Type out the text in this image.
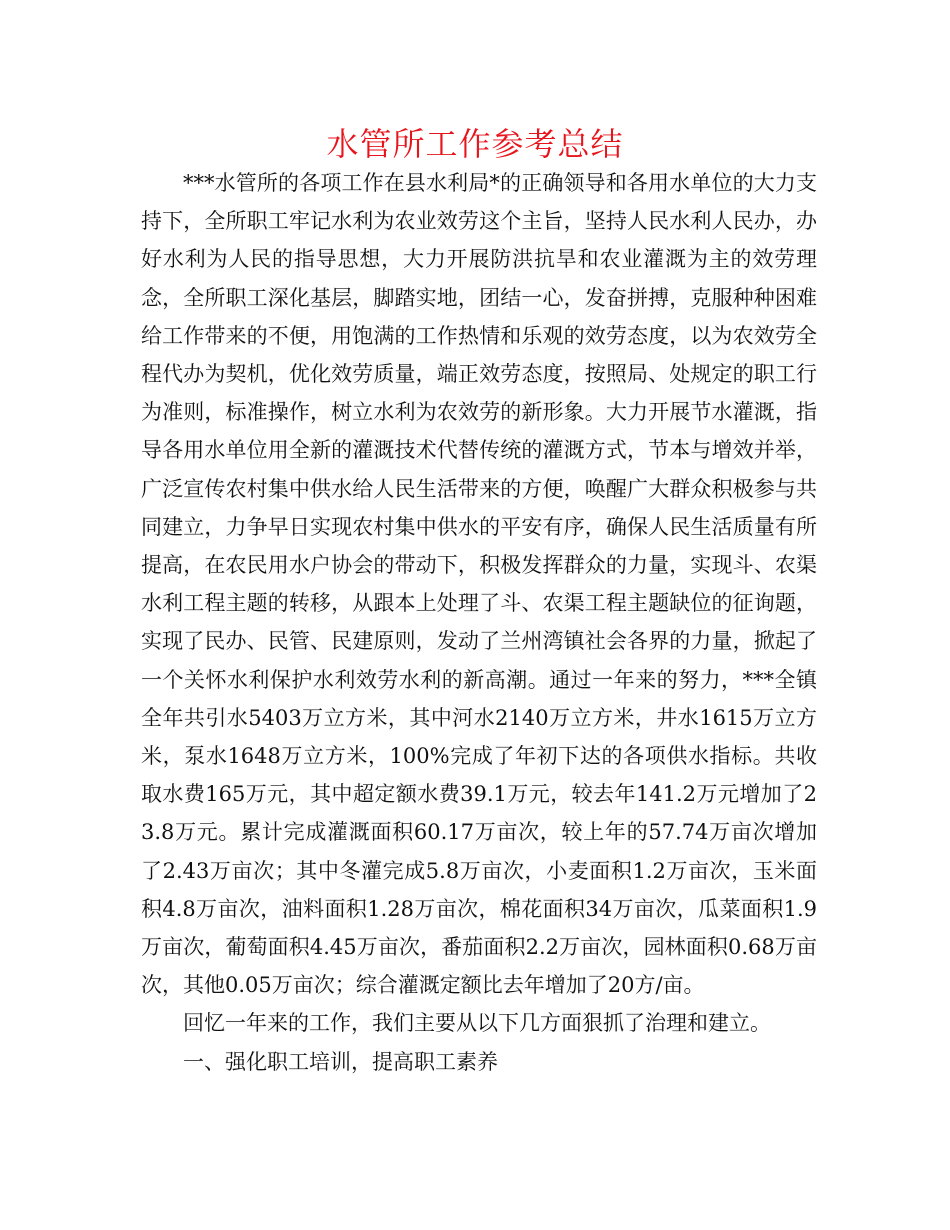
水管所工作参考总结

***水管所的各项工作在县水利局*的正确领导和各用水单位的大力支持下，全所职工牢记水利为农业效劳这个主旨，坚持人民水利人民办，办好水利为人民的指导思想，大力开展防洪抗旱和农业灌溉为主的效劳理念，全所职工深化基层，脚踏实地，团结一心，发奋拼搏，克服种种困难给工作带来的不便，用饱满的工作热情和乐观的效劳态度，以为农效劳全程代办为契机，优化效劳质量，端正效劳态度，按照局、处规定的职工行为准则，标准操作，树立水利为农效劳的新形象。大力开展节水灌溉，指导各用水单位用全新的灌溉技术代替传统的灌溉方式，节本与增效并举，广泛宣传农村集中供水给人民生活带来的方便，唤醒广大群众积极参与共同建立，力争早日实现农村集中供水的平安有序，确保人民生活质量有所提高，在农民用水户协会的带动下，积极发挥群众的力量，实现斗、农渠水利工程主题的转移，从跟本上处理了斗、农渠工程主题缺位的征询题，实现了民办、民管、民建原则，发动了兰州湾镇社会各界的力量，掀起了一个关怀水利保护水利效劳水利的新高潮。通过一年来的努力，***全镇全年共引水5403万立方米，其中河水2140万立方米，井水1615万立方米，泵水1648万立方米，100%完成了年初下达的各项供水指标。共收取水费165万元，其中超定额水费39.1万元，较去年141.2万元增加了23.8万元。累计完成灌溉面积60.17万亩次，较上年的57.74万亩次增加了2.43万亩次；其中冬灌完成5.8万亩次，小麦面积1.2万亩次，玉米面积4.8万亩次，油料面积1.28万亩次，棉花面积34万亩次，瓜菜面积1.9万亩次，葡萄面积4.45万亩次，番茄面积2.2万亩次，园林面积0.68万亩次，其他0.05万亩次；综合灌溉定额比去年增加了20方/亩。

回忆一年来的工作，我们主要从以下几方面狠抓了治理和建立。

一、强化职工培训，提高职工素养
